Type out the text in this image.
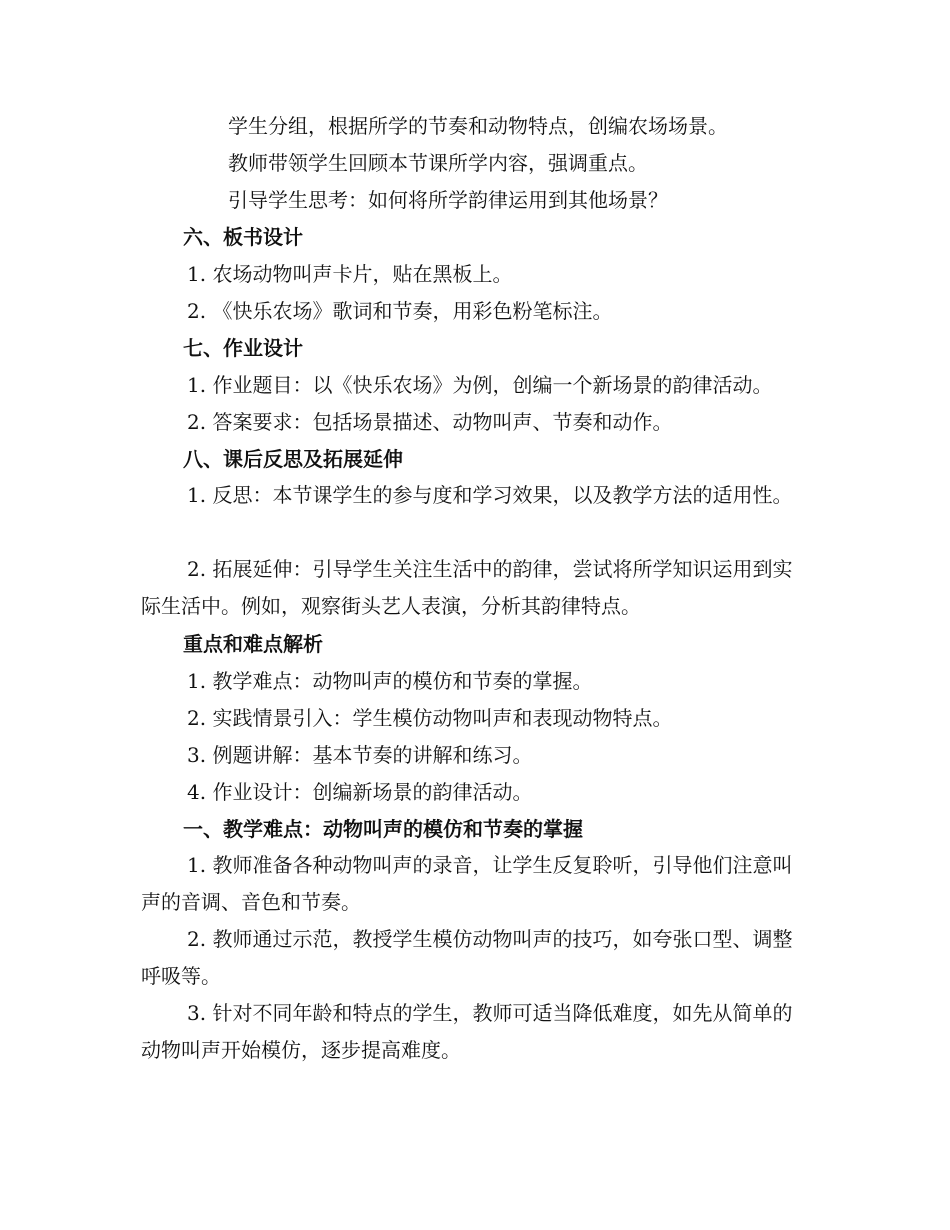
学生分组，根据所学的节奏和动物特点，创编农场场景。
教师带领学生回顾本节课所学内容，强调重点。
引导学生思考：如何将所学韵律运用到其他场景？
六、板书设计
1. 农场动物叫声卡片，贴在黑板上。
2. 《快乐农场》歌词和节奏，用彩色粉笔标注。
七、作业设计
1. 作业题目：以《快乐农场》为例，创编一个新场景的韵律活动。
2. 答案要求：包括场景描述、动物叫声、节奏和动作。
八、课后反思及拓展延伸
1. 反思：本节课学生的参与度和学习效果，以及教学方法的适用性。
2. 拓展延伸：引导学生关注生活中的韵律，尝试将所学知识运用到实际生活中。例如，观察街头艺人表演，分析其韵律特点。
重点和难点解析
1. 教学难点：动物叫声的模仿和节奏的掌握。
2. 实践情景引入：学生模仿动物叫声和表现动物特点。
3. 例题讲解：基本节奏的讲解和练习。
4. 作业设计：创编新场景的韵律活动。
一、教学难点：动物叫声的模仿和节奏的掌握
1. 教师准备各种动物叫声的录音，让学生反复聆听，引导他们注意叫声的音调、音色和节奏。
2. 教师通过示范，教授学生模仿动物叫声的技巧，如夸张口型、调整呼吸等。
3. 针对不同年龄和特点的学生，教师可适当降低难度，如先从简单的动物叫声开始模仿，逐步提高难度。
